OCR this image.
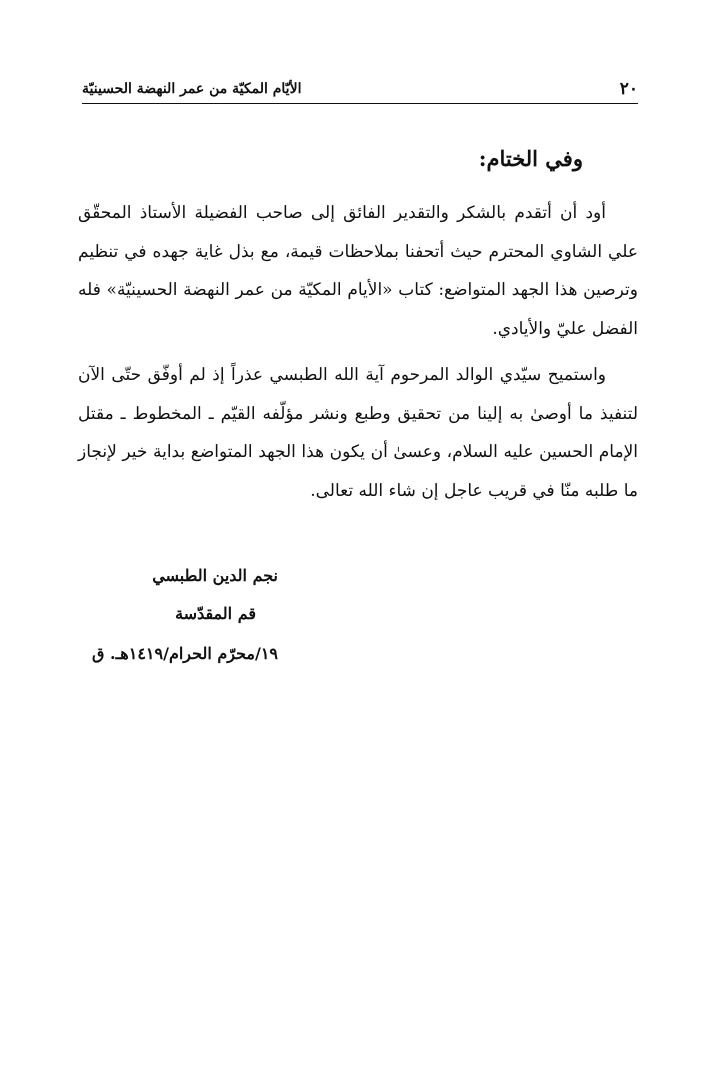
٢٠
الأيّام المكيّة من عمر النهضة الحسينيّة
وفي الختام:

أود أن أتقدم بالشكر والتقدير الفائق إلى صاحب الفضيلة الأستاذ المحقّق علي الشاوي المحترم حيث أتحفنا بملاحظات قيمة، مع بذل غاية جهده في تنظيم وترصين هذا الجهد المتواضع: كتاب «الأيام المكيّة من عمر النهضة الحسينيّة» فله الفضل عليّ والأيادي.

واستميح سيّدي الوالد المرحوم آية الله الطبسي عذراً إذ لم أوفّق حتّى الآن لتنفيذ ما أوصىٰ به إلينا من تحقيق وطبع ونشر مؤلّفه القيّم ـ المخطوط ـ مقتل الإمام الحسين عليه السلام، وعسىٰ أن يكون هذا الجهد المتواضع بداية خير لإنجاز ما طلبه منّا في قريب عاجل إن شاء الله تعالى.

نجم الدين الطبسي
قم المقدّسة
١٩/محرّم الحرام/١٤١٩هـ. ق
